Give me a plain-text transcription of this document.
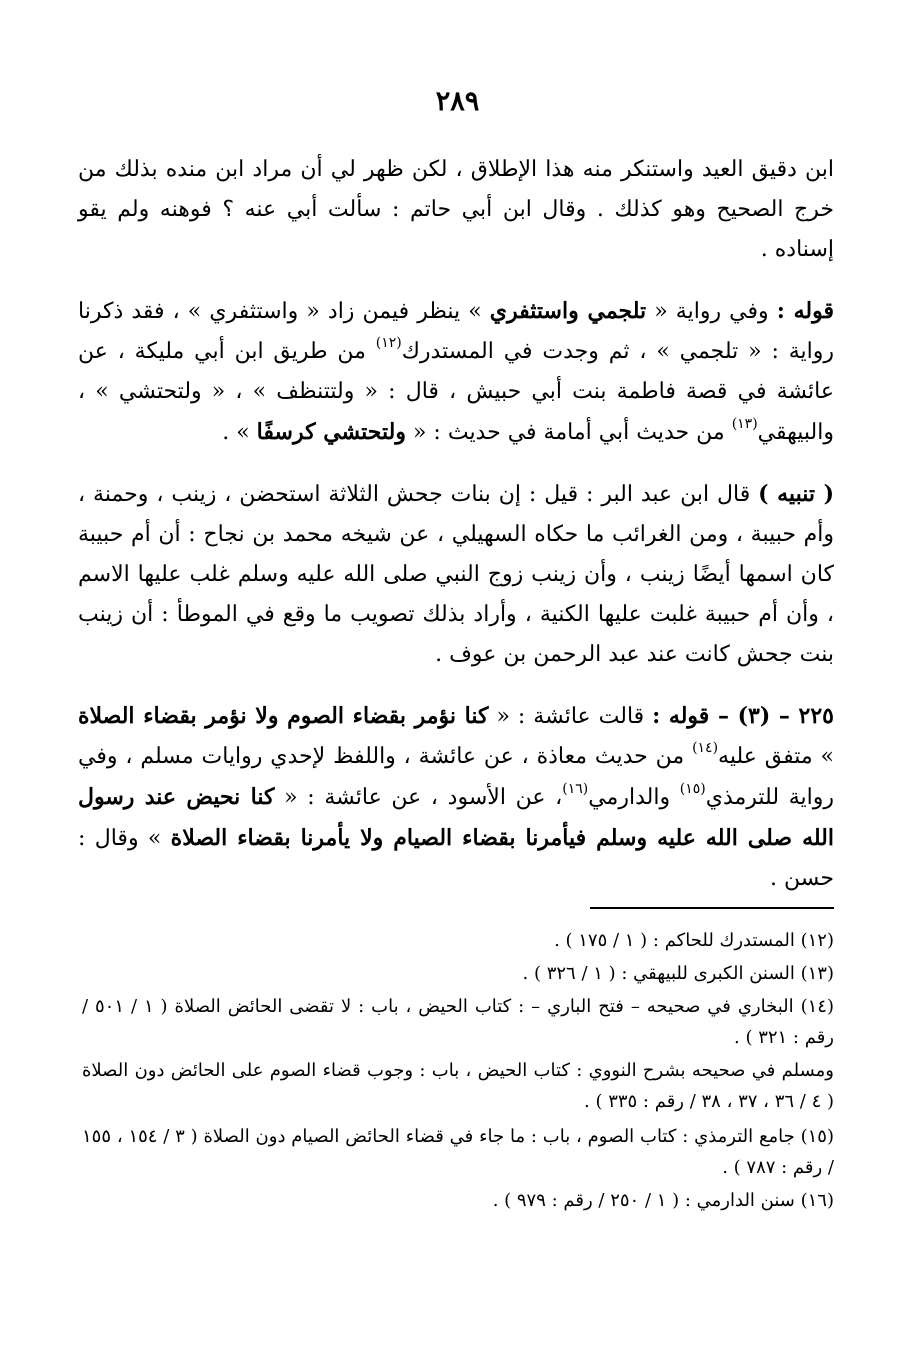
٢٨٩

ابن دقيق العيد واستنكر منه هذا الإطلاق ، لكن ظهر لي أن مراد ابن منده بذلك من خرج الصحيح وهو كذلك . وقال ابن أبي حاتم : سألت أبي عنه ؟ فوهنه ولم يقو إسناده .

قوله : وفي رواية « تلجمي واستثفري » ينظر فيمن زاد « واستثفري » ، فقد ذكرنا رواية : « تلجمي » ، ثم وجدت في المستدرك$^{(١٢)}$ من طريق ابن أبي مليكة ، عن عائشة في قصة فاطمة بنت أبي حبيش ، قال : « ولتتنظف » ، « ولتحتشي » ، والبيهقي$^{(١٣)}$ من حديث أبي أمامة في حديث : « ولتحتشي كرسفًا » .

( تنبيه ) قال ابن عبد البر : قيل : إن بنات جحش الثلاثة استحضن ، زينب ، وحمنة ، وأم حبيبة ، ومن الغرائب ما حكاه السهيلي ، عن شيخه محمد بن نجاح : أن أم حبيبة كان اسمها أيضًا زينب ، وأن زينب زوج النبي صلى الله عليه وسلم غلب عليها الاسم ، وأن أم حبيبة غلبت عليها الكنية ، وأراد بذلك تصويب ما وقع في الموطأ : أن زينب بنت جحش كانت عند عبد الرحمن بن عوف .

٢٢٥ – (٣) – قوله : قالت عائشة : « كنا نؤمر بقضاء الصوم ولا نؤمر بقضاء الصلاة » متفق عليه$^{(١٤)}$ من حديث معاذة ، عن عائشة ، واللفظ لإحدي روايات مسلم ، وفي رواية للترمذي$^{(١٥)}$ والدارمي$^{(١٦)}$، عن الأسود ، عن عائشة : « كنا نحيض عند رسول الله صلى الله عليه وسلم فيأمرنا بقضاء الصيام ولا يأمرنا بقضاء الصلاة » وقال : حسن .

(١٢) المستدرك للحاكم : ( ١ / ١٧٥ ) .

(١٣) السنن الكبرى للبيهقي : ( ١ / ٣٢٦ ) .

(١٤) البخاري في صحيحه – فتح الباري – : كتاب الحيض ، باب : لا تقضى الحائض الصلاة ( ١ / ٥٠١ / رقم : ٣٢١ ) .

ومسلم في صحيحه بشرح النووي : كتاب الحيض ، باب : وجوب قضاء الصوم على الحائض دون الصلاة ( ٤ / ٣٦ ، ٣٧ ، ٣٨ / رقم : ٣٣٥ ) .

(١٥) جامع الترمذي : كتاب الصوم ، باب : ما جاء في قضاء الحائض الصيام دون الصلاة ( ٣ / ١٥٤ ، ١٥٥ / رقم : ٧٨٧ ) .

(١٦) سنن الدارمي : ( ١ / ٢٥٠ / رقم : ٩٧٩ ) .
